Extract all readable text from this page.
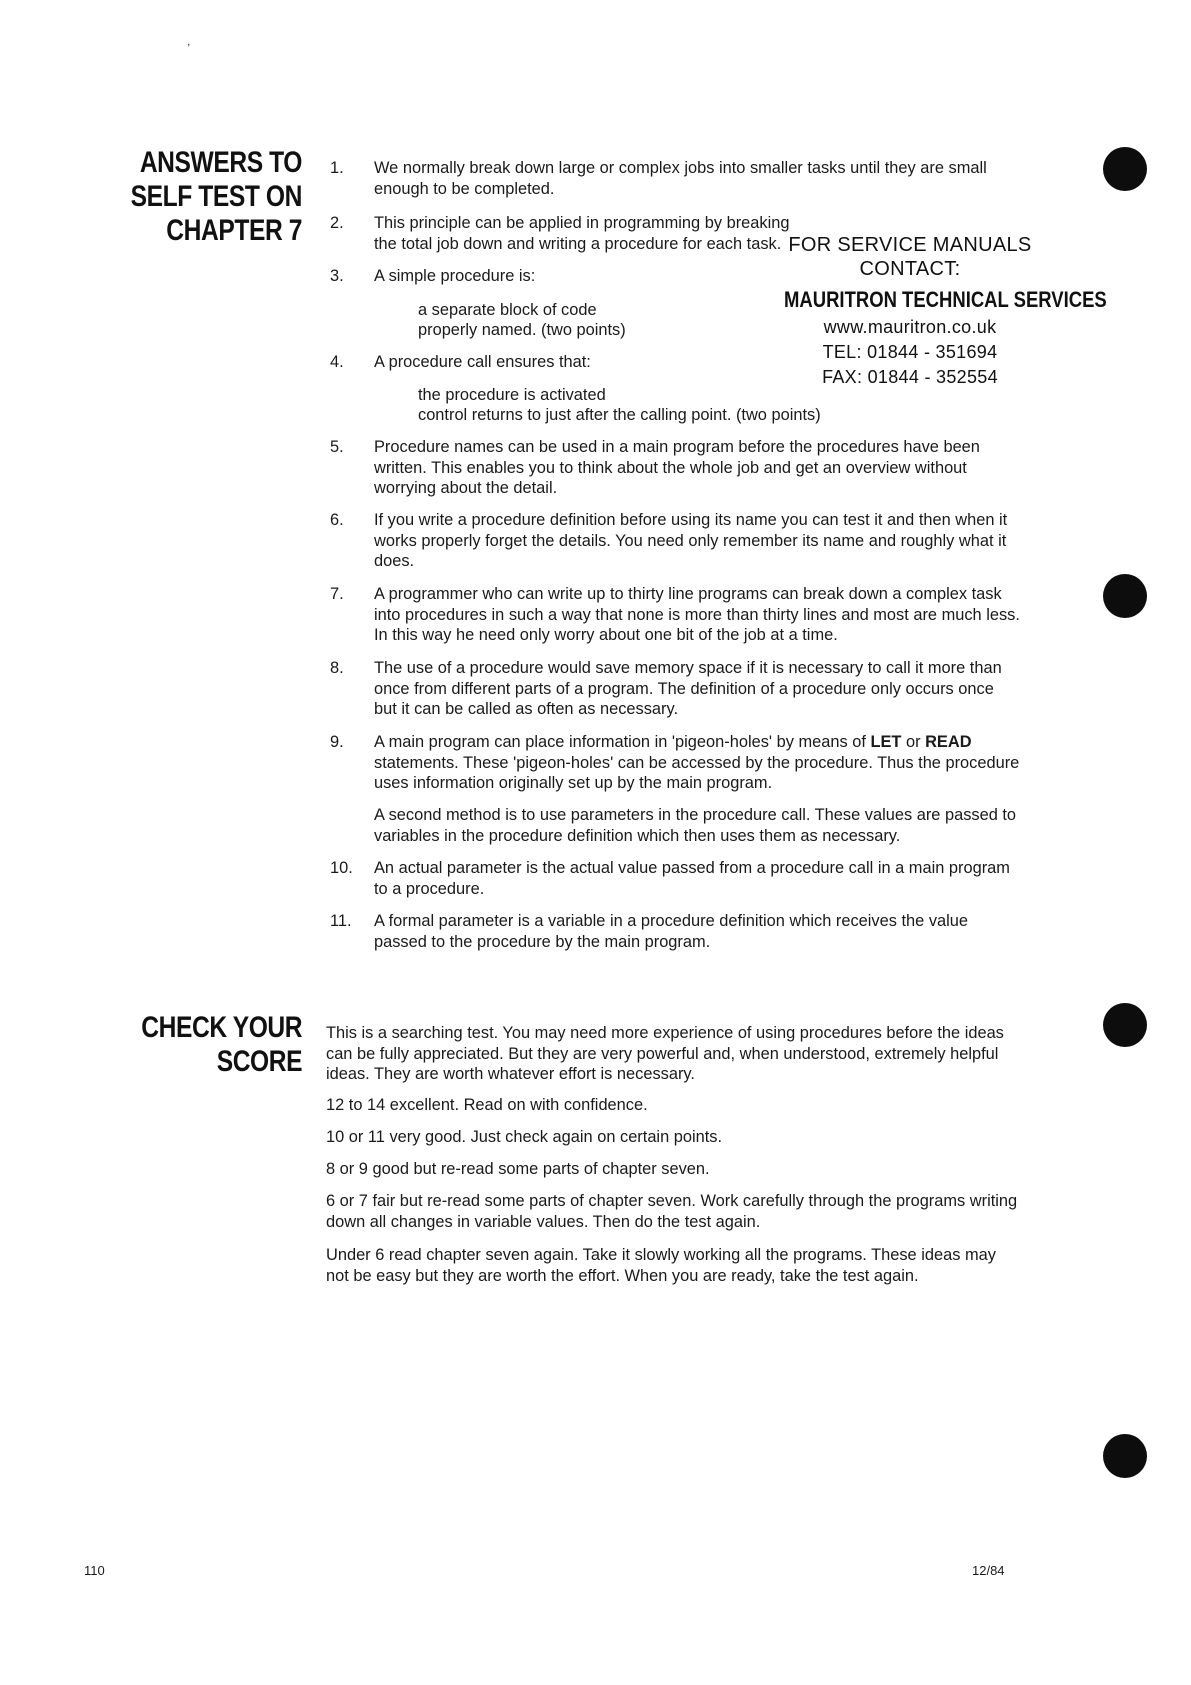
,
ANSWERS TO
SELF TEST ON
CHAPTER 7
1.	We normally break down large or complex jobs into smaller tasks until they are small enough to be completed.
2.	This principle can be applied in programming by breaking the total job down and writing a procedure for each task.
3.	A simple procedure is:
a separate block of code
properly named. (two points)
4.	A procedure call ensures that:
the procedure is activated
control returns to just after the calling point. (two points)
5.	Procedure names can be used in a main program before the procedures have been written. This enables you to think about the whole job and get an overview without worrying about the detail.
6.	If you write a procedure definition before using its name you can test it and then when it works properly forget the details. You need only remember its name and roughly what it does.
7.	A programmer who can write up to thirty line programs can break down a complex task into procedures in such a way that none is more than thirty lines and most are much less. In this way he need only worry about one bit of the job at a time.
8.	The use of a procedure would save memory space if it is necessary to call it more than once from different parts of a program. The definition of a procedure only occurs once but it can be called as often as necessary.
9.	A main program can place information in 'pigeon-holes' by means of LET or READ statements. These 'pigeon-holes' can be accessed by the procedure. Thus the procedure uses information originally set up by the main program.
A second method is to use parameters in the procedure call. These values are passed to variables in the procedure definition which then uses them as necessary.
10.	An actual parameter is the actual value passed from a procedure call in a main program to a procedure.
11.	A formal parameter is a variable in a procedure definition which receives the value passed to the procedure by the main program.
FOR SERVICE MANUALS
CONTACT:
MAURITRON TECHNICAL SERVICES
www.mauritron.co.uk
TEL: 01844 - 351694
FAX: 01844 - 352554
CHECK YOUR
SCORE
This is a searching test. You may need more experience of using procedures before the ideas can be fully appreciated. But they are very powerful and, when understood, extremely helpful ideas. They are worth whatever effort is necessary.
12 to 14 excellent. Read on with confidence.
10 or 11 very good. Just check again on certain points.
8 or 9 good but re-read some parts of chapter seven.
6 or 7 fair but re-read some parts of chapter seven. Work carefully through the programs writing down all changes in variable values. Then do the test again.
Under 6 read chapter seven again. Take it slowly working all the programs. These ideas may not be easy but they are worth the effort. When you are ready, take the test again.
110	12/84
